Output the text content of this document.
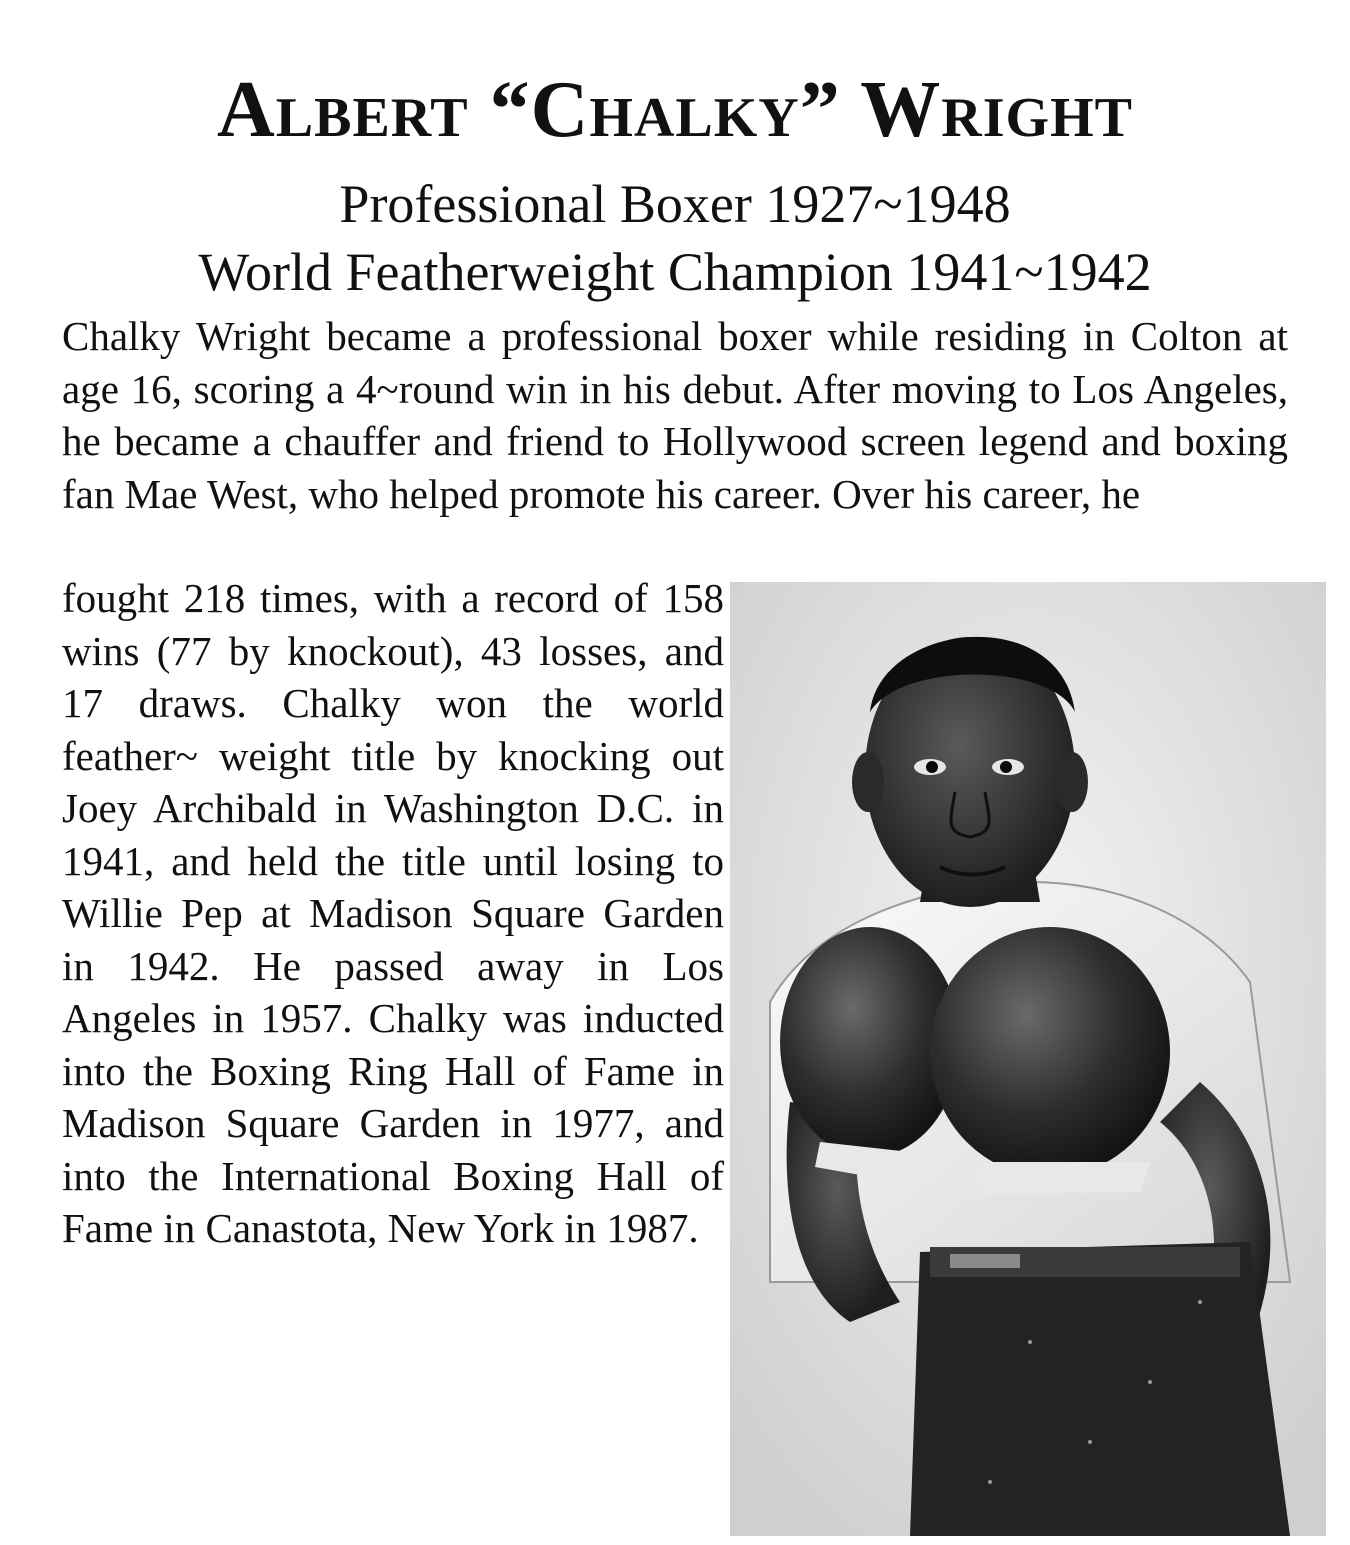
Albert “Chalky” Wright
Professional Boxer 1927~1948
World Featherweight Champion 1941~1942

Chalky Wright became a professional boxer while residing in Colton at age 16, scoring a 4~round win in his debut. After moving to Los Angeles, he became a chauffer and friend to Hollywood screen legend and boxing fan Mae West, who helped promote his career. Over his career, he

fought 218 times, with a record of 158 wins (77 by knockout), 43 losses, and 17 draws. Chalky won the world feather~ weight title by knocking out Joey Archibald in Washington D.C. in 1941, and held the title until losing to Willie Pep at Madison Square Garden in 1942. He passed away in Los Angeles in 1957. Chalky was inducted into the Boxing Ring Hall of Fame in Madison Square Garden in 1977, and into the International Boxing Hall of Fame in Canastota, New York in 1987.
